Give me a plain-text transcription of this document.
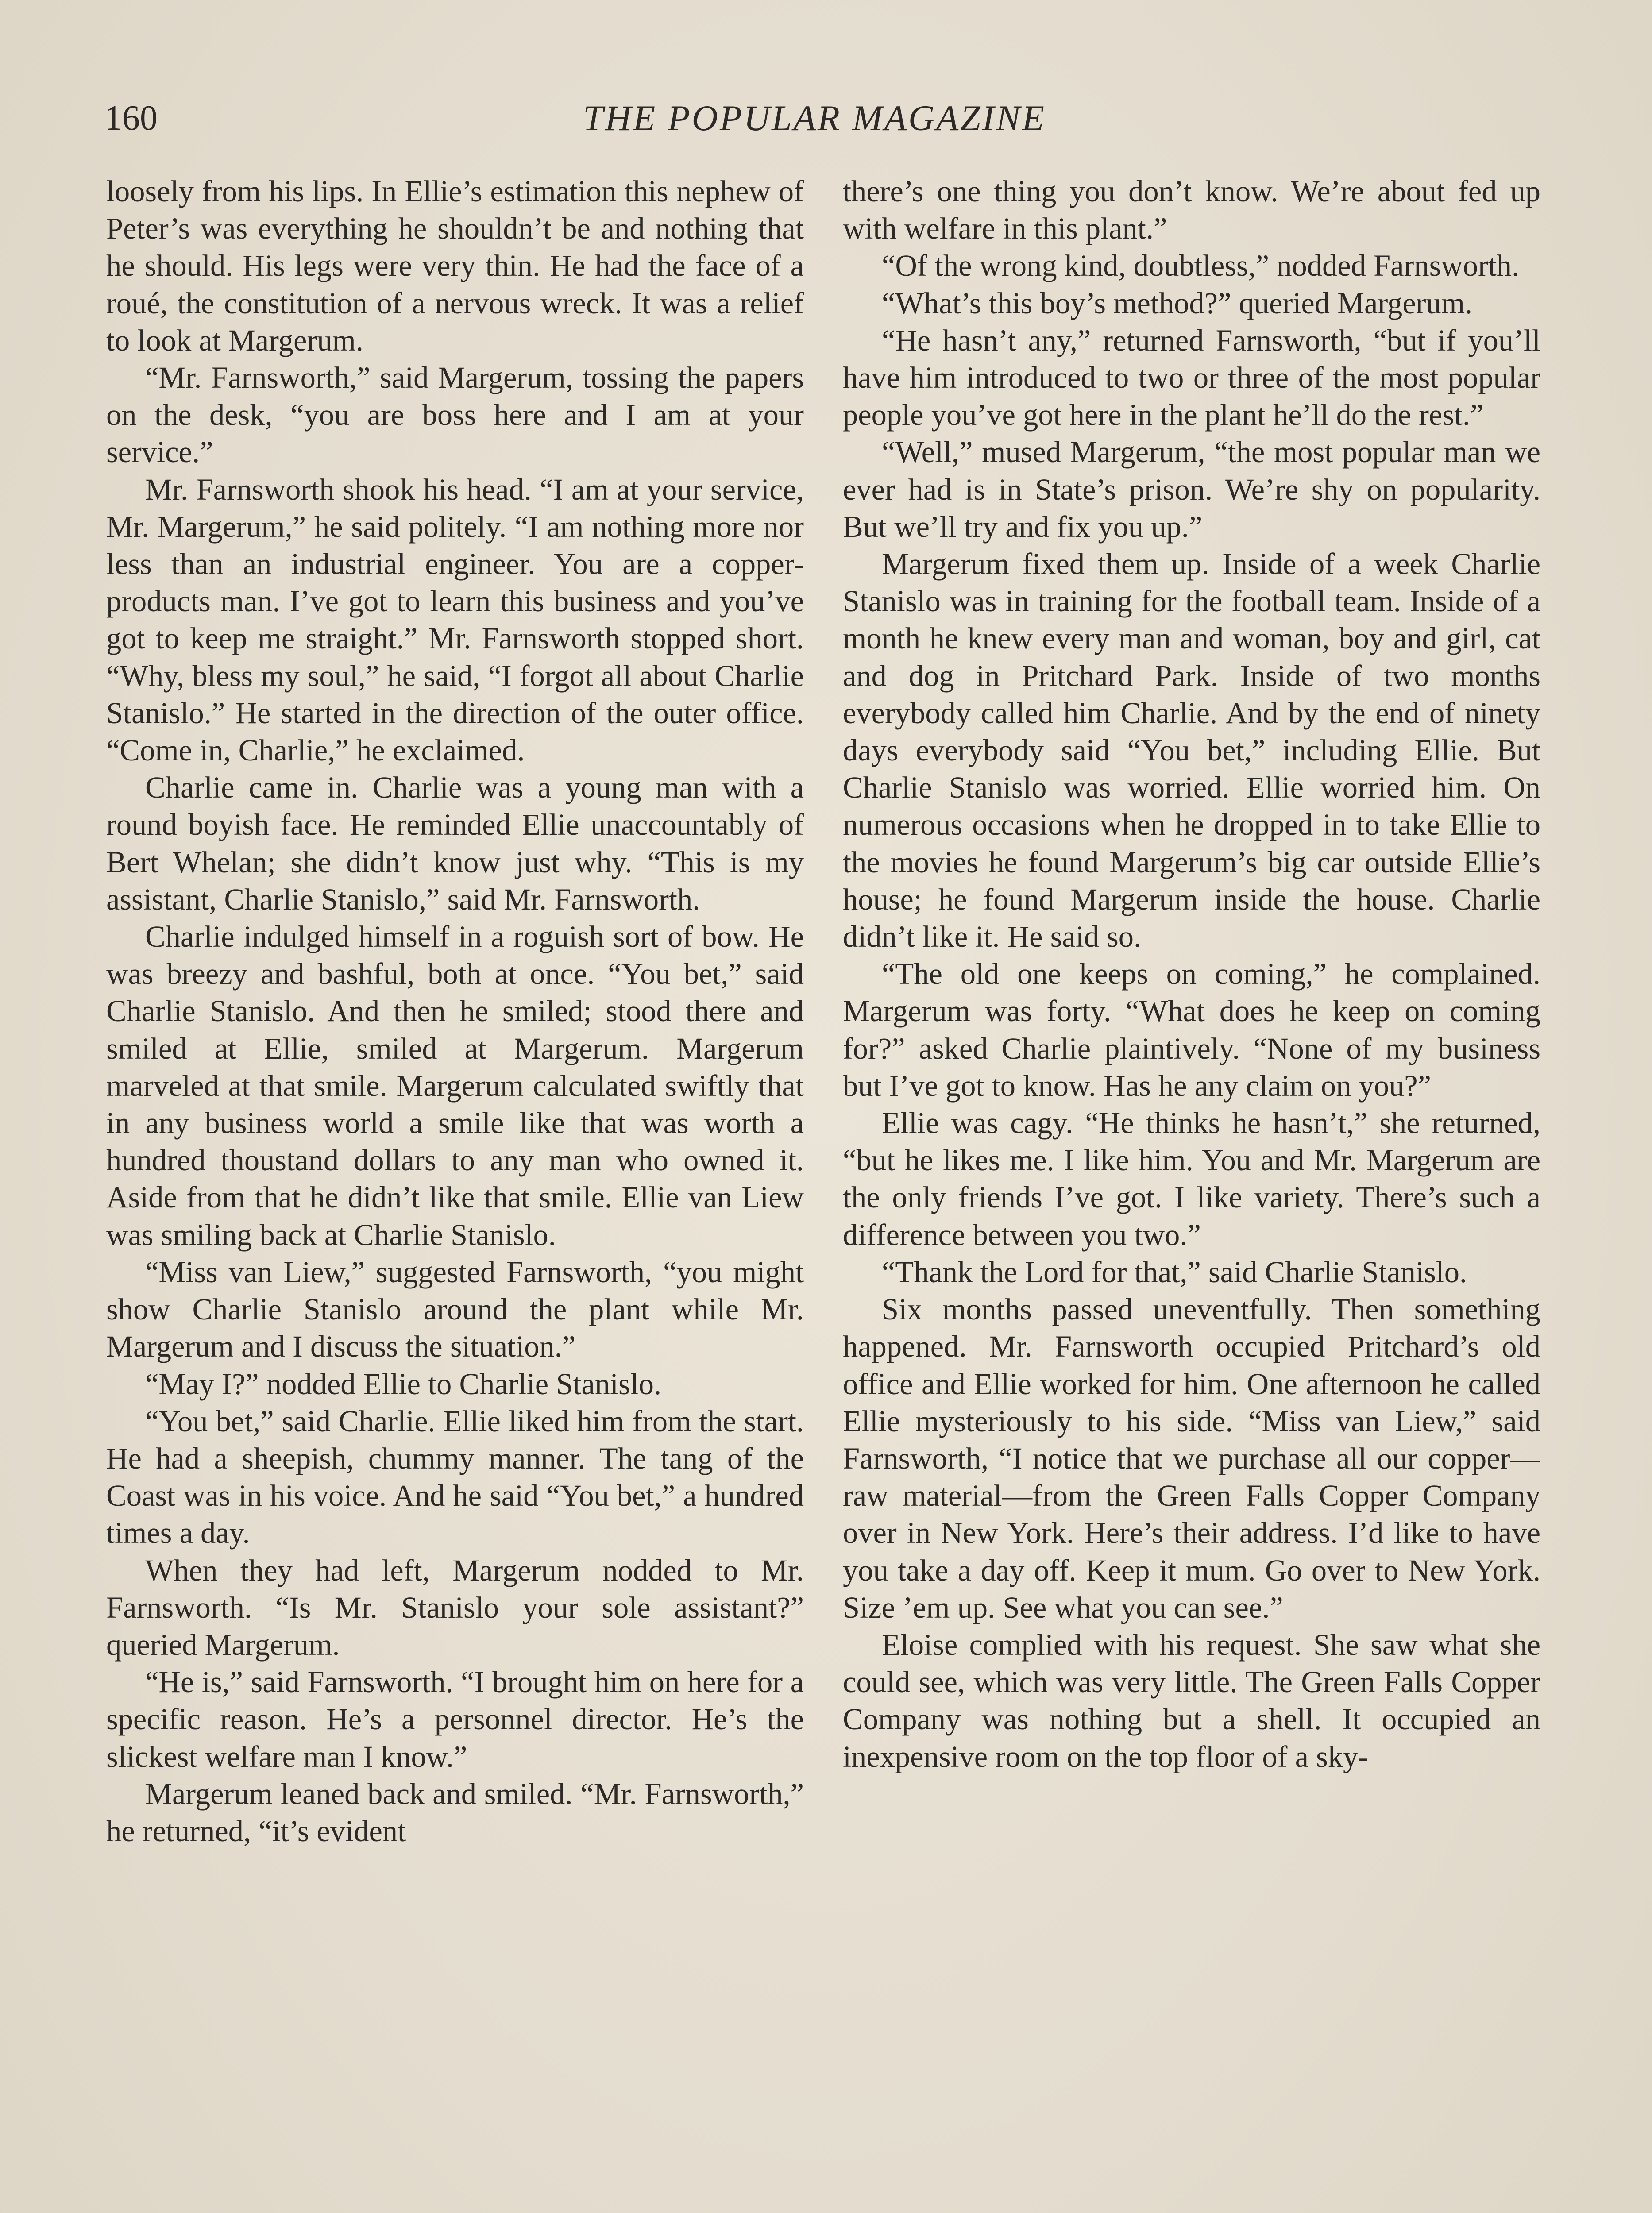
160	THE POPULAR MAGAZINE

loosely from his lips. In Ellie’s estimation this nephew of Peter’s was everything he shouldn’t be and nothing that he should. His legs were very thin. He had the face of a roué, the constitution of a nervous wreck. It was a relief to look at Margerum.

“Mr. Farnsworth,” said Margerum, tossing the papers on the desk, “you are boss here and I am at your service.”

Mr. Farnsworth shook his head. “I am at your service, Mr. Margerum,” he said politely. “I am nothing more nor less than an industrial engineer. You are a copper-products man. I’ve got to learn this business and you’ve got to keep me straight.” Mr. Farnsworth stopped short. “Why, bless my soul,” he said, “I forgot all about Charlie Stanislo.” He started in the direction of the outer office. “Come in, Charlie,” he exclaimed.

Charlie came in. Charlie was a young man with a round boyish face. He reminded Ellie unaccountably of Bert Whelan; she didn’t know just why. “This is my assistant, Charlie Stanislo,” said Mr. Farnsworth.

Charlie indulged himself in a roguish sort of bow. He was breezy and bashful, both at once. “You bet,” said Charlie Stanislo. And then he smiled; stood there and smiled at Ellie, smiled at Margerum. Margerum marveled at that smile. Margerum calculated swiftly that in any business world a smile like that was worth a hundred thoustand dollars to any man who owned it. Aside from that he didn’t like that smile. Ellie van Liew was smiling back at Charlie Stanislo.

“Miss van Liew,” suggested Farnsworth, “you might show Charlie Stanislo around the plant while Mr. Margerum and I discuss the situation.”

“May I?” nodded Ellie to Charlie Stanislo.

“You bet,” said Charlie. Ellie liked him from the start. He had a sheepish, chummy manner. The tang of the Coast was in his voice. And he said “You bet,” a hundred times a day.

When they had left, Margerum nodded to Mr. Farnsworth. “Is Mr. Stanislo your sole assistant?” queried Margerum.

“He is,” said Farnsworth. “I brought him on here for a specific reason. He’s a personnel director. He’s the slickest welfare man I know.”

Margerum leaned back and smiled. “Mr. Farnsworth,” he returned, “it’s evident

there’s one thing you don’t know. We’re about fed up with welfare in this plant.”

“Of the wrong kind, doubtless,” nodded Farnsworth.

“What’s this boy’s method?” queried Margerum.

“He hasn’t any,” returned Farnsworth, “but if you’ll have him introduced to two or three of the most popular people you’ve got here in the plant he’ll do the rest.”

“Well,” mused Margerum, “the most popular man we ever had is in State’s prison. We’re shy on popularity. But we’ll try and fix you up.”

Margerum fixed them up. Inside of a week Charlie Stanislo was in training for the football team. Inside of a month he knew every man and woman, boy and girl, cat and dog in Pritchard Park. Inside of two months everybody called him Charlie. And by the end of ninety days everybody said “You bet,” including Ellie. But Charlie Stanislo was worried. Ellie worried him. On numerous occasions when he dropped in to take Ellie to the movies he found Margerum’s big car outside Ellie’s house; he found Margerum inside the house. Charlie didn’t like it. He said so.

“The old one keeps on coming,” he complained. Margerum was forty. “What does he keep on coming for?” asked Charlie plaintively. “None of my business but I’ve got to know. Has he any claim on you?”

Ellie was cagy. “He thinks he hasn’t,” she returned, “but he likes me. I like him. You and Mr. Margerum are the only friends I’ve got. I like variety. There’s such a difference between you two.”

“Thank the Lord for that,” said Charlie Stanislo.

Six months passed uneventfully. Then something happened. Mr. Farnsworth occupied Pritchard’s old office and Ellie worked for him. One afternoon he called Ellie mysteriously to his side. “Miss van Liew,” said Farnsworth, “I notice that we purchase all our copper—raw material—from the Green Falls Copper Company over in New York. Here’s their address. I’d like to have you take a day off. Keep it mum. Go over to New York. Size ’em up. See what you can see.”

Eloise complied with his request. She saw what she could see, which was very little. The Green Falls Copper Company was nothing but a shell. It occupied an inexpensive room on the top floor of a sky-
